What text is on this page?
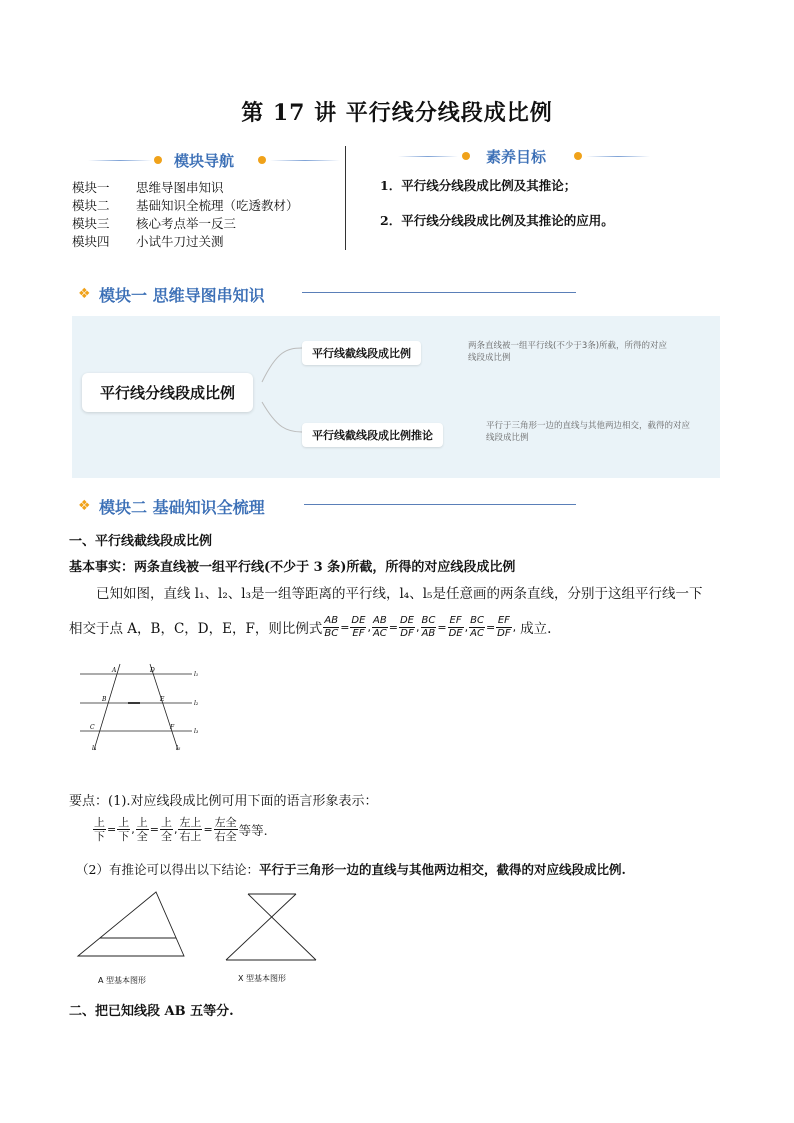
第 17 讲 平行线分线段成比例
模块导航
模块一 思维导图串知识
模块二 基础知识全梳理（吃透教材）
模块三 核心考点举一反三
模块四 小试牛刀过关测
素养目标
1．平行线分线段成比例及其推论；
2．平行线分线段成比例及其推论的应用。
❖ 模块一 思维导图串知识
平行线分线段成比例
平行线截线段成比例
两条直线被一组平行线(不少于3条)所截，所得的对应线段成比例
平行线截线段成比例推论
平行于三角形一边的直线与其他两边相交，截得的对应线段成比例
❖ 模块二 基础知识全梳理
一、平行线截线段成比例
基本事实：两条直线被一组平行线(不少于 3 条)所截，所得的对应线段成比例
已知如图，直线 l₁、l₂、l₃是一组等距离的平行线，l₄、l₅是任意画的两条直线，分别于这组平行线一下
相交于点 A，B，C，D，E，F，则比例式 $\frac{AB}{BC} = \frac{DE}{EF}$ , $\frac{AB}{AC} = \frac{DE}{DF}$ , $\frac{BC}{AB} = \frac{EF}{DE}$ , $\frac{BC}{AC} = \frac{EF}{DF}$ , 成立.
A	D
B	E
C	F
l₁
l₂
l₃
l₄	l₅
要点：(1).对应线段成比例可用下面的语言形象表示：
上
下
=
上
下
,
上
全
=
上
全
,
左上
右上
=
左全
右全 等等.
（2）有推论可以得出以下结论：平行于三角形一边的直线与其他两边相交，截得的对应线段成比例.
A 型基本图形	X 型基本图形
二、把已知线段 AB 五等分.
